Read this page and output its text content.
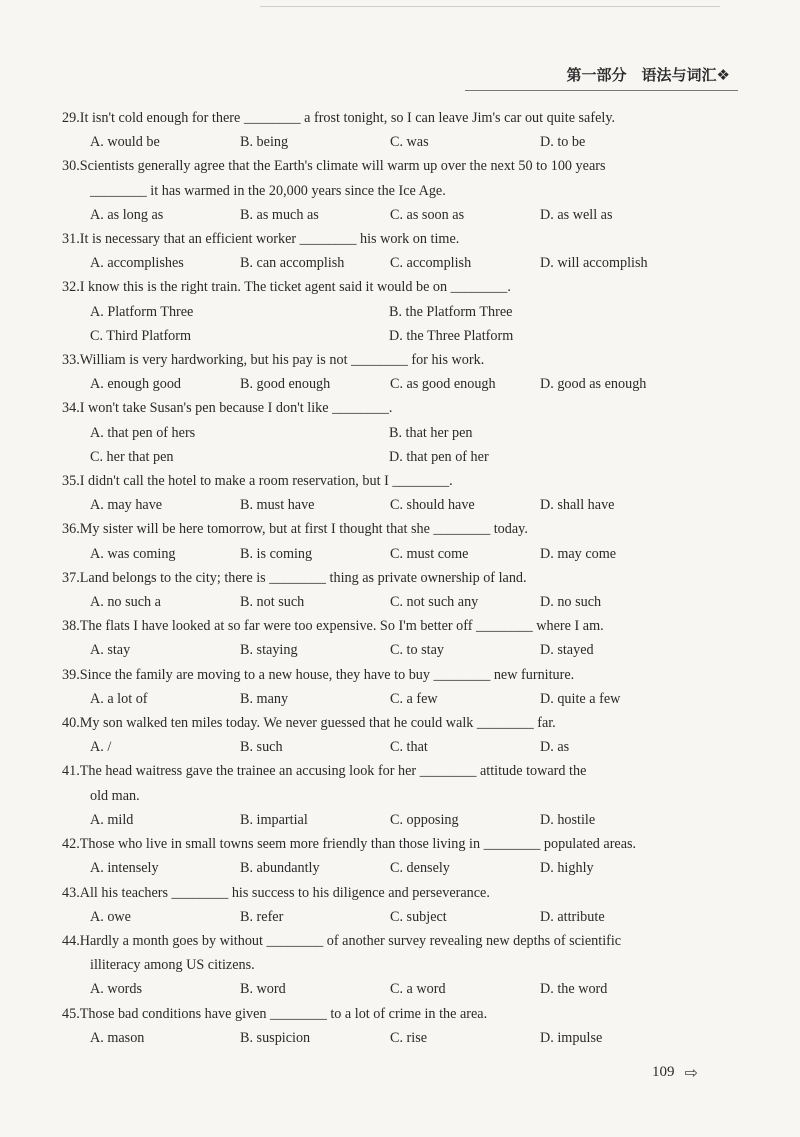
第一部分　语法与词汇❖
29.It isn't cold enough for there ________ a frost tonight, so I can leave Jim's car out quite safely.
A. would be	B. being	C. was	D. to be
30.Scientists generally agree that the Earth's climate will warm up over the next 50 to 100 years
________ it has warmed in the 20,000 years since the Ice Age.
A. as long as	B. as much as	C. as soon as	D. as well as
31.It is necessary that an efficient worker ________ his work on time.
A. accomplishes	B. can accomplish	C. accomplish	D. will accomplish
32.I know this is the right train. The ticket agent said it would be on ________.
A. Platform Three	B. the Platform Three
C. Third Platform	D. the Three Platform
33.William is very hardworking, but his pay is not ________ for his work.
A. enough good	B. good enough	C. as good enough	D. good as enough
34.I won't take Susan's pen because I don't like ________.
A. that pen of hers	B. that her pen
C. her that pen	D. that pen of her
35.I didn't call the hotel to make a room reservation, but I ________.
A. may have	B. must have	C. should have	D. shall have
36.My sister will be here tomorrow, but at first I thought that she ________ today.
A. was coming	B. is coming	C. must come	D. may come
37.Land belongs to the city; there is ________ thing as private ownership of land.
A. no such a	B. not such	C. not such any	D. no such
38.The flats I have looked at so far were too expensive. So I'm better off ________ where I am.
A. stay	B. staying	C. to stay	D. stayed
39.Since the family are moving to a new house, they have to buy ________ new furniture.
A. a lot of	B. many	C. a few	D. quite a few
40.My son walked ten miles today. We never guessed that he could walk ________ far.
A. /	B. such	C. that	D. as
41.The head waitress gave the trainee an accusing look for her ________ attitude toward the
old man.
A. mild	B. impartial	C. opposing	D. hostile
42.Those who live in small towns seem more friendly than those living in ________ populated areas.
A. intensely	B. abundantly	C. densely	D. highly
43.All his teachers ________ his success to his diligence and perseverance.
A. owe	B. refer	C. subject	D. attribute
44.Hardly a month goes by without ________ of another survey revealing new depths of scientific
illiteracy among US citizens.
A. words	B. word	C. a word	D. the word
45.Those bad conditions have given ________ to a lot of crime in the area.
A. mason	B. suspicion	C. rise	D. impulse
109 ⇨
